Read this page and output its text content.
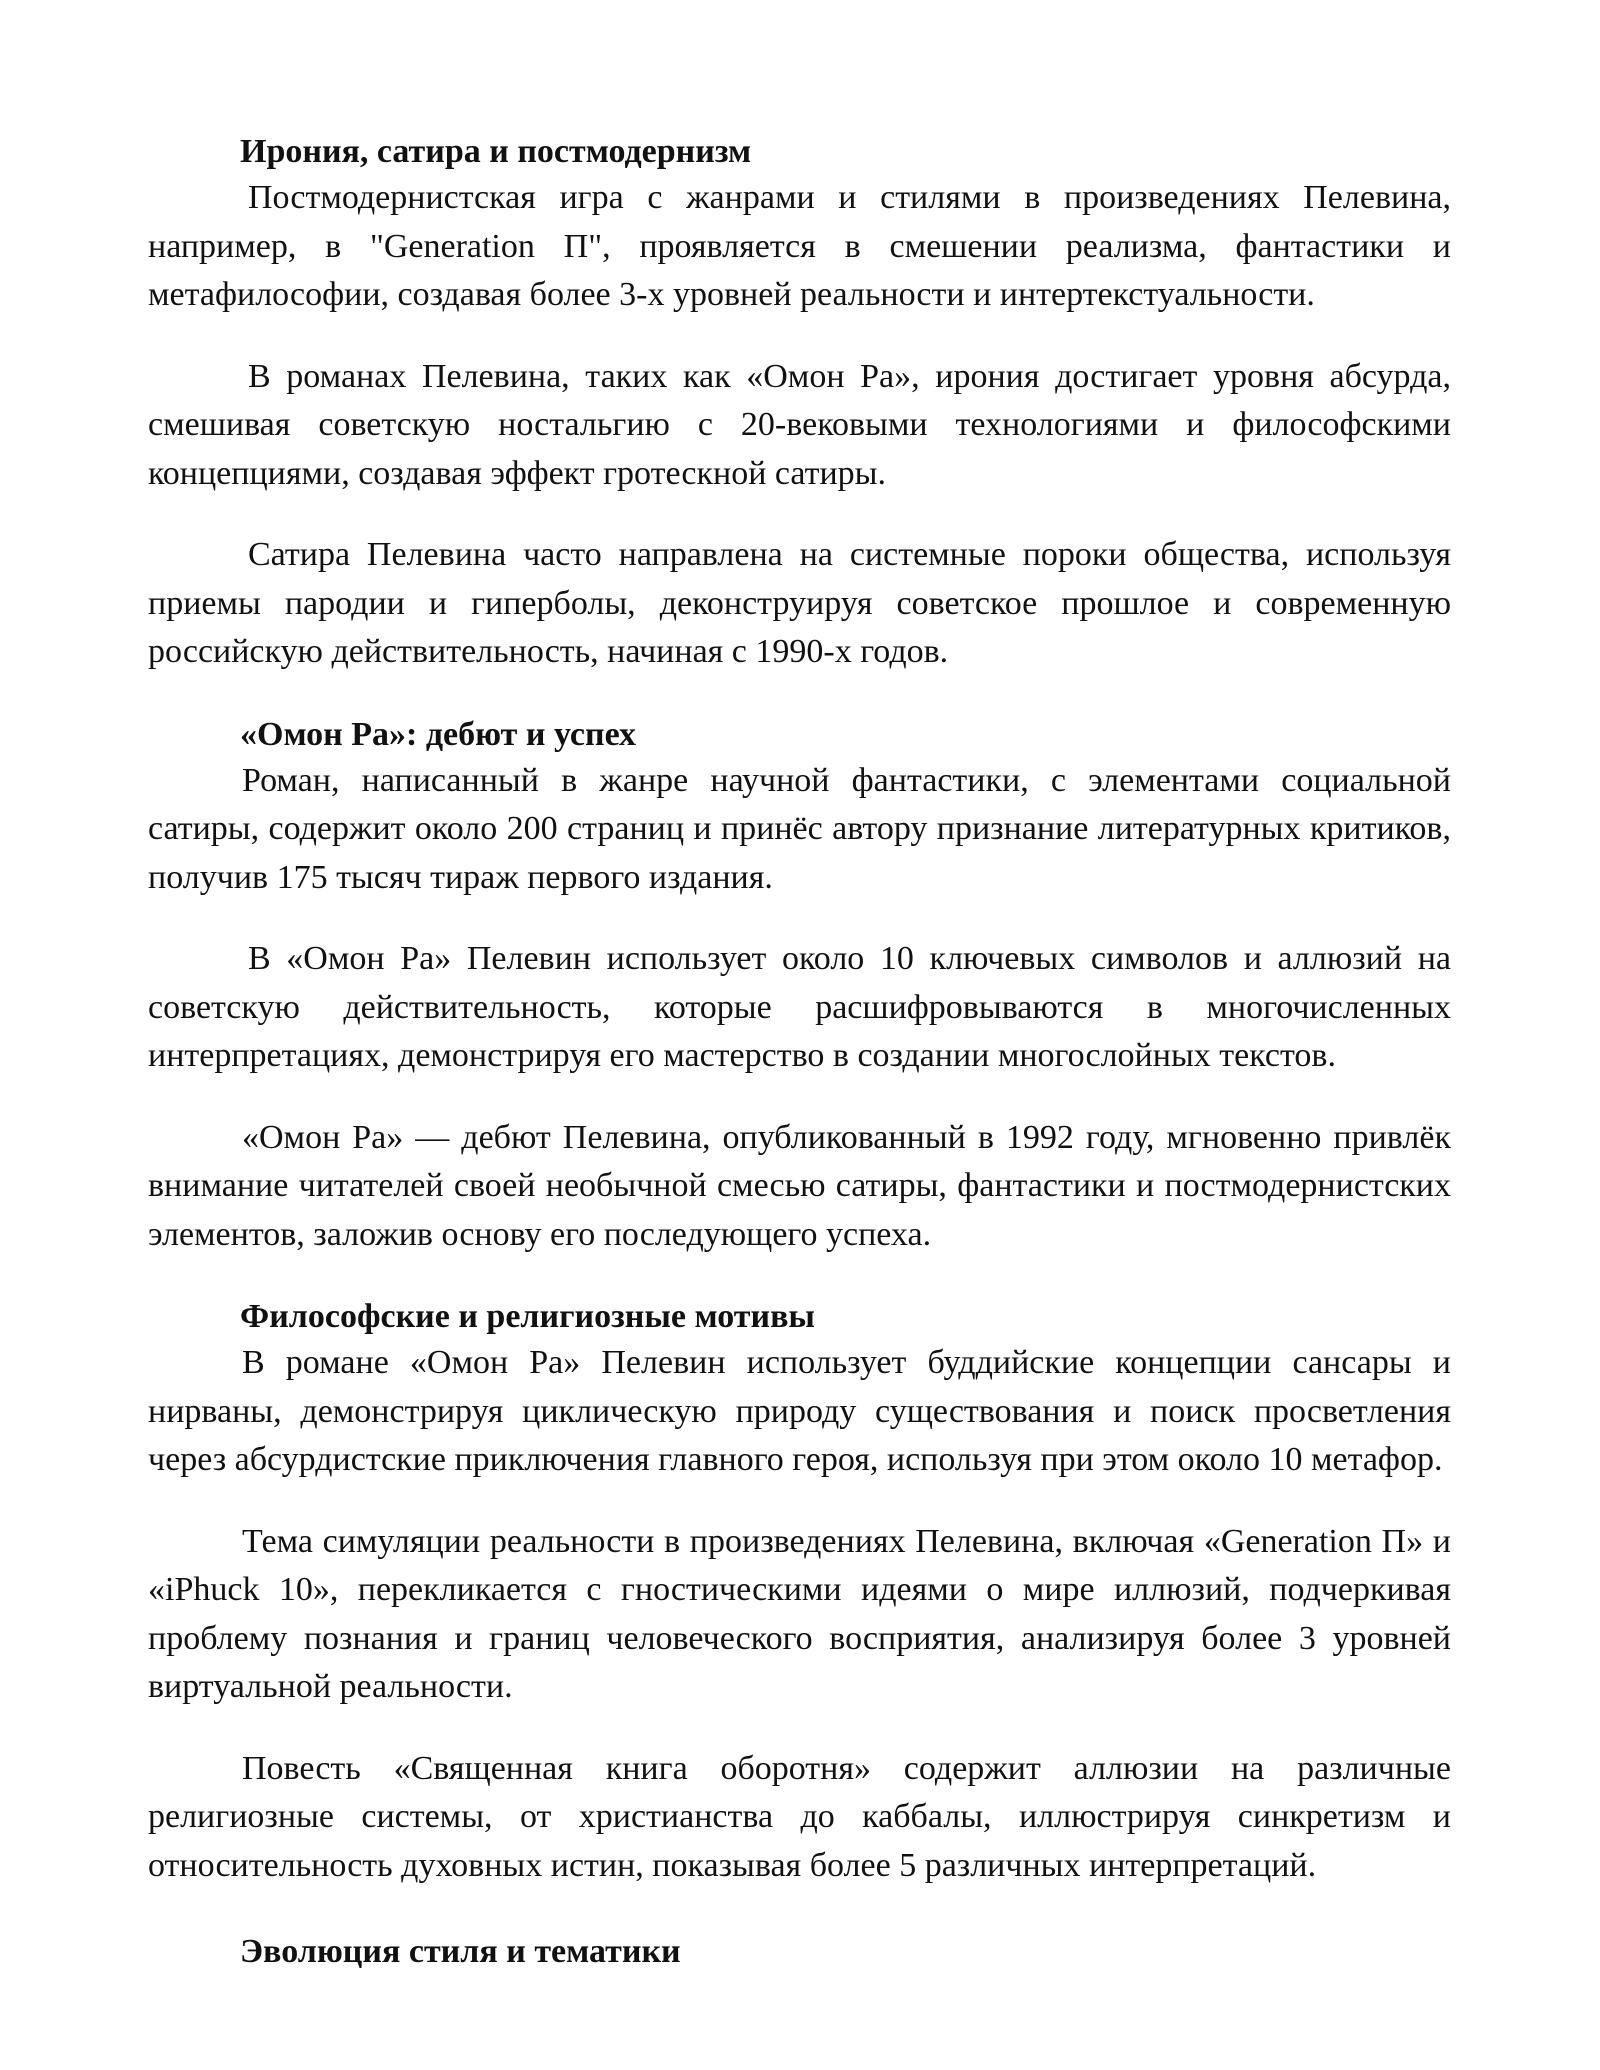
Ирония, сатира и постмодернизм

Постмодернистская игра с жанрами и стилями в произведениях Пелевина, например, в "Generation П", проявляется в смешении реализма, фантастики и метафилософии, создавая более 3-х уровней реальности и интертекстуальности.

В романах Пелевина, таких как «Омон Ра», ирония достигает уровня абсурда, смешивая советскую ностальгию с 20-вековыми технологиями и философскими концепциями, создавая эффект гротескной сатиры.

Сатира Пелевина часто направлена на системные пороки общества, используя приемы пародии и гиперболы, деконструируя советское прошлое и современную российскую действительность, начиная с 1990-х годов.

«Омон Ра»: дебют и успех

Роман, написанный в жанре научной фантастики, с элементами социальной сатиры, содержит около 200 страниц и принёс автору признание литературных критиков, получив 175 тысяч тираж первого издания.

В «Омон Ра» Пелевин использует около 10 ключевых символов и аллюзий на советскую действительность, которые расшифровываются в многочисленных интерпретациях, демонстрируя его мастерство в создании многослойных текстов.

«Омон Ра» — дебют Пелевина, опубликованный в 1992 году, мгновенно привлёк внимание читателей своей необычной смесью сатиры, фантастики и постмодернистских элементов, заложив основу его последующего успеха.

Философские и религиозные мотивы

В романе «Омон Ра» Пелевин использует буддийские концепции сансары и нирваны, демонстрируя циклическую природу существования и поиск просветления через абсурдистские приключения главного героя, используя при этом около 10 метафор.

Тема симуляции реальности в произведениях Пелевина, включая «Generation П» и «iPhuck 10», перекликается с гностическими идеями о мире иллюзий, подчеркивая проблему познания и границ человеческого восприятия, анализируя более 3 уровней виртуальной реальности.

Повесть «Священная книга оборотня» содержит аллюзии на различные религиозные системы, от христианства до каббалы, иллюстрируя синкретизм и относительность духовных истин, показывая более 5 различных интерпретаций.

Эволюция стиля и тематики
